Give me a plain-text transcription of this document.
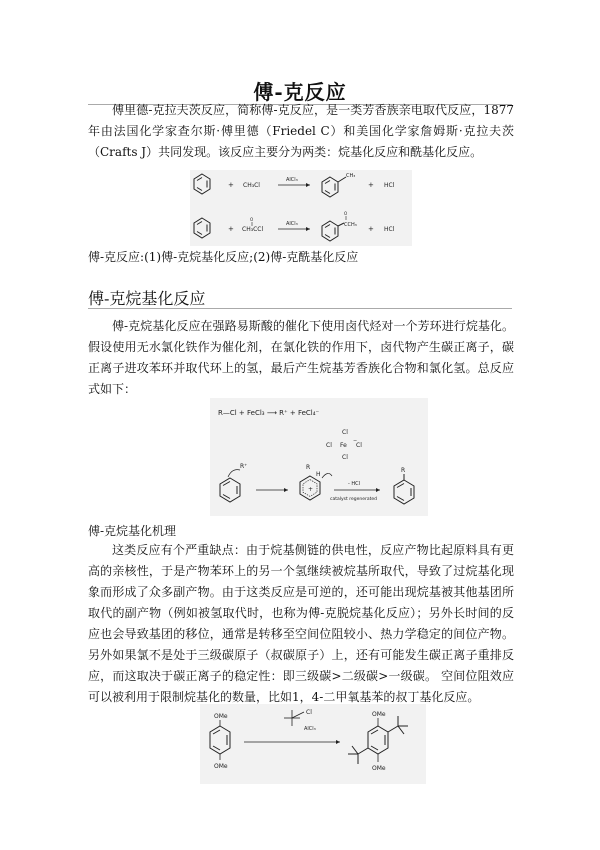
傅-克反应

傅里德-克拉夫茨反应，简称傅-克反应，是一类芳香族亲电取代反应，1877年由法国化学家查尔斯·傅里德（Friedel C）和美国化学家詹姆斯·克拉夫茨（Crafts J）共同发现。该反应主要分为两类：烷基化反应和酰基化反应。

+ CH₃Cl
AlCl₃
CH₃
+ HCl
+
O
CH₃CCl
AlCl₃
O
CCH₃ + HCl
傅-克反应:(1)傅-克烷基化反应;(2)傅-克酰基化反应
傅-克烷基化反应

傅-克烷基化反应在强路易斯酸的催化下使用卤代烃对一个芳环进行烷基化。假设使用无水氯化铁作为催化剂，在氯化铁的作用下，卤代物产生碳正离子，碳正离子进攻苯环并取代环上的氢，最后产生烷基芳香族化合物和氯化氢。总反应式如下：

R—Cl + FeCl₃ ⟶ R⁺ + FeCl₄⁻
Cl
Cl Fe
−
Cl
Cl
R⁺	R
H
+
- HCl
catalyst regenerated
R
傅-克烷基化机理

这类反应有个严重缺点：由于烷基侧链的供电性，反应产物比起原料具有更高的亲核性，于是产物苯环上的另一个氢继续被烷基所取代，导致了过烷基化现象而形成了众多副产物。由于这类反应是可逆的，还可能出现烷基被其他基团所取代的副产物（例如被氢取代时，也称为傅-克脱烷基化反应）；另外长时间的反应也会导致基团的移位，通常是转移至空间位阻较小、热力学稳定的间位产物。另外如果氯不是处于三级碳原子（叔碳原子）上，还有可能发生碳正离子重排反应，而这取决于碳正离子的稳定性：即三级碳>二级碳>一级碳。 空间位阻效应可以被利用于限制烷基化的数量，比如1，4-二甲氧基苯的叔丁基化反应。

OMe
OMe
Cl
AlCl₃
OMe
OMe
